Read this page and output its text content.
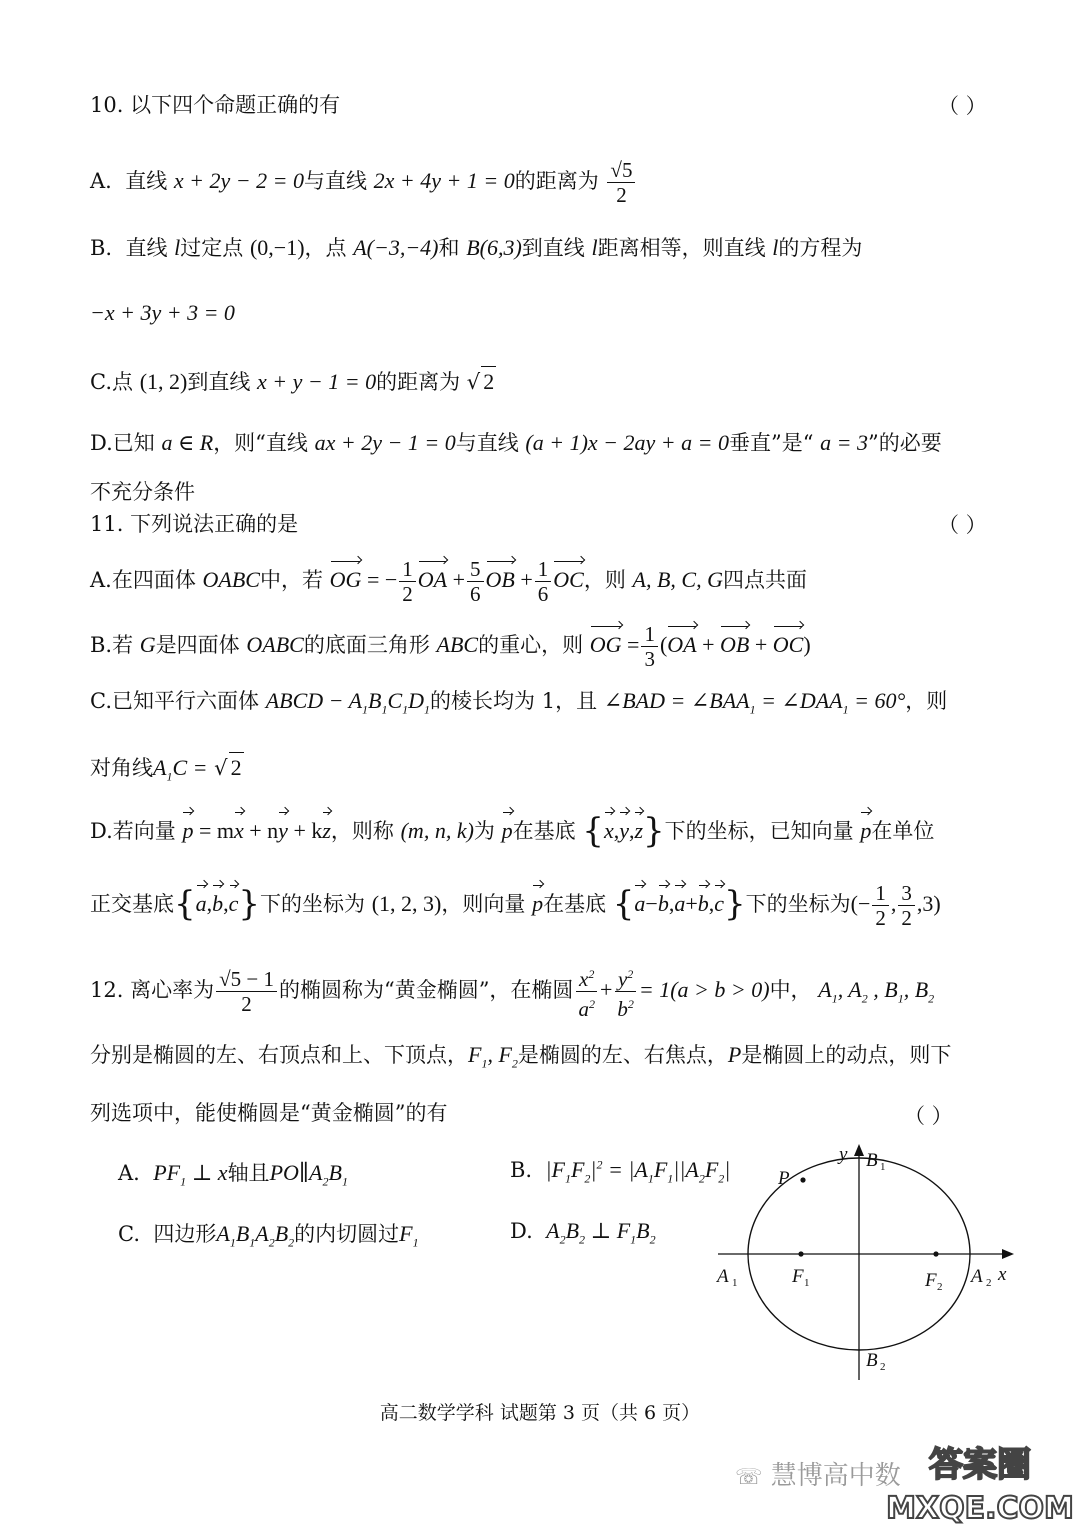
10. 以下四个命题正确的有	（ ）
A. 直线 x + 2y − 2 = 0与直线 2x + 4y + 1 = 0的距离为 $\frac{√5}{2}$
B. 直线 l过定点 (0,−1)，点 A(−3,−4)和 B(6,3)到直线 l距离相等，则直线 l的方程为
−x + 3y + 3 = 0
C.点 (1, 2)到直线 x + y − 1 = 0的距离为 √ 2
D.已知 a ∈ R，则“直线 ax + 2y − 1 = 0与直线 (a + 1)x − 2ay + a = 0垂直”是“ a = 3”的必要
不充分条件
11. 下列说法正确的是	（ ）
A.在四面体 OABC中，若 OG = − $\frac{1}{2}$ OA + $\frac{5}{6}$ OB + $\frac{1}{6}$ OC，则 A, B, C, G四点共面
B.若 G是四面体 OABC的底面三角形 ABC的重心，则 OG = $\frac{1}{3} (OA$ + OB + OC)
C.已知平行六面体 ABCD − $A_1B_1C_1D_1$的棱长均为 1，且 ∠BAD = $\angle BAA_1$ = $\angle DAA_1 = 60^\circ$，则
对角线$A_1C$ = √ 2
D.若向量 p = mx + ny + kz，则称 (m, n, k)为 p在基底 {x,y,z}下的坐标，已知向量 p在单位
正交基底{a,b,c}下的坐标为 (1, 2, 3)，则向量 p在基底 {a−b,a+b,c}下的坐标为(− $\frac{1}{2}$ , $\frac{3}{2} ,3$)
12. 离心率为 $\frac{√5 - 1}{2}$ 的椭圆称为“黄金椭圆”，在椭圆 $\frac{x^2}{a^2} + \frac{y^2}{b^2} = 1(a > b > 0)$中， $A_1$, $A_2$ , $B_1$, $B_2$
分别是椭圆的左、右顶点和上、下顶点，$F_1$, $F_2$是椭圆的左、右焦点，P是椭圆上的动点，则下
列选项中，能使椭圆是“黄金椭圆”的有	（ ）
A. $PF_1$ ⊥ x轴且$PO\parallel A_2B_1$	B. $|F_1F_2|^2 = |A_1F_1||A_2F_2|$
C. 四边形$A_1B_1A_2B_2$的内切圆过$F_1$	D. $A_2B_2$ ⊥ $F_1B_2$
y
x
P
B 1
A 1	F 1	F 2 A 2
B 2
高二数学学科 试题第 3 页（共 6 页）
☏ 慧博高中数 答案圈
MXQE.COM
